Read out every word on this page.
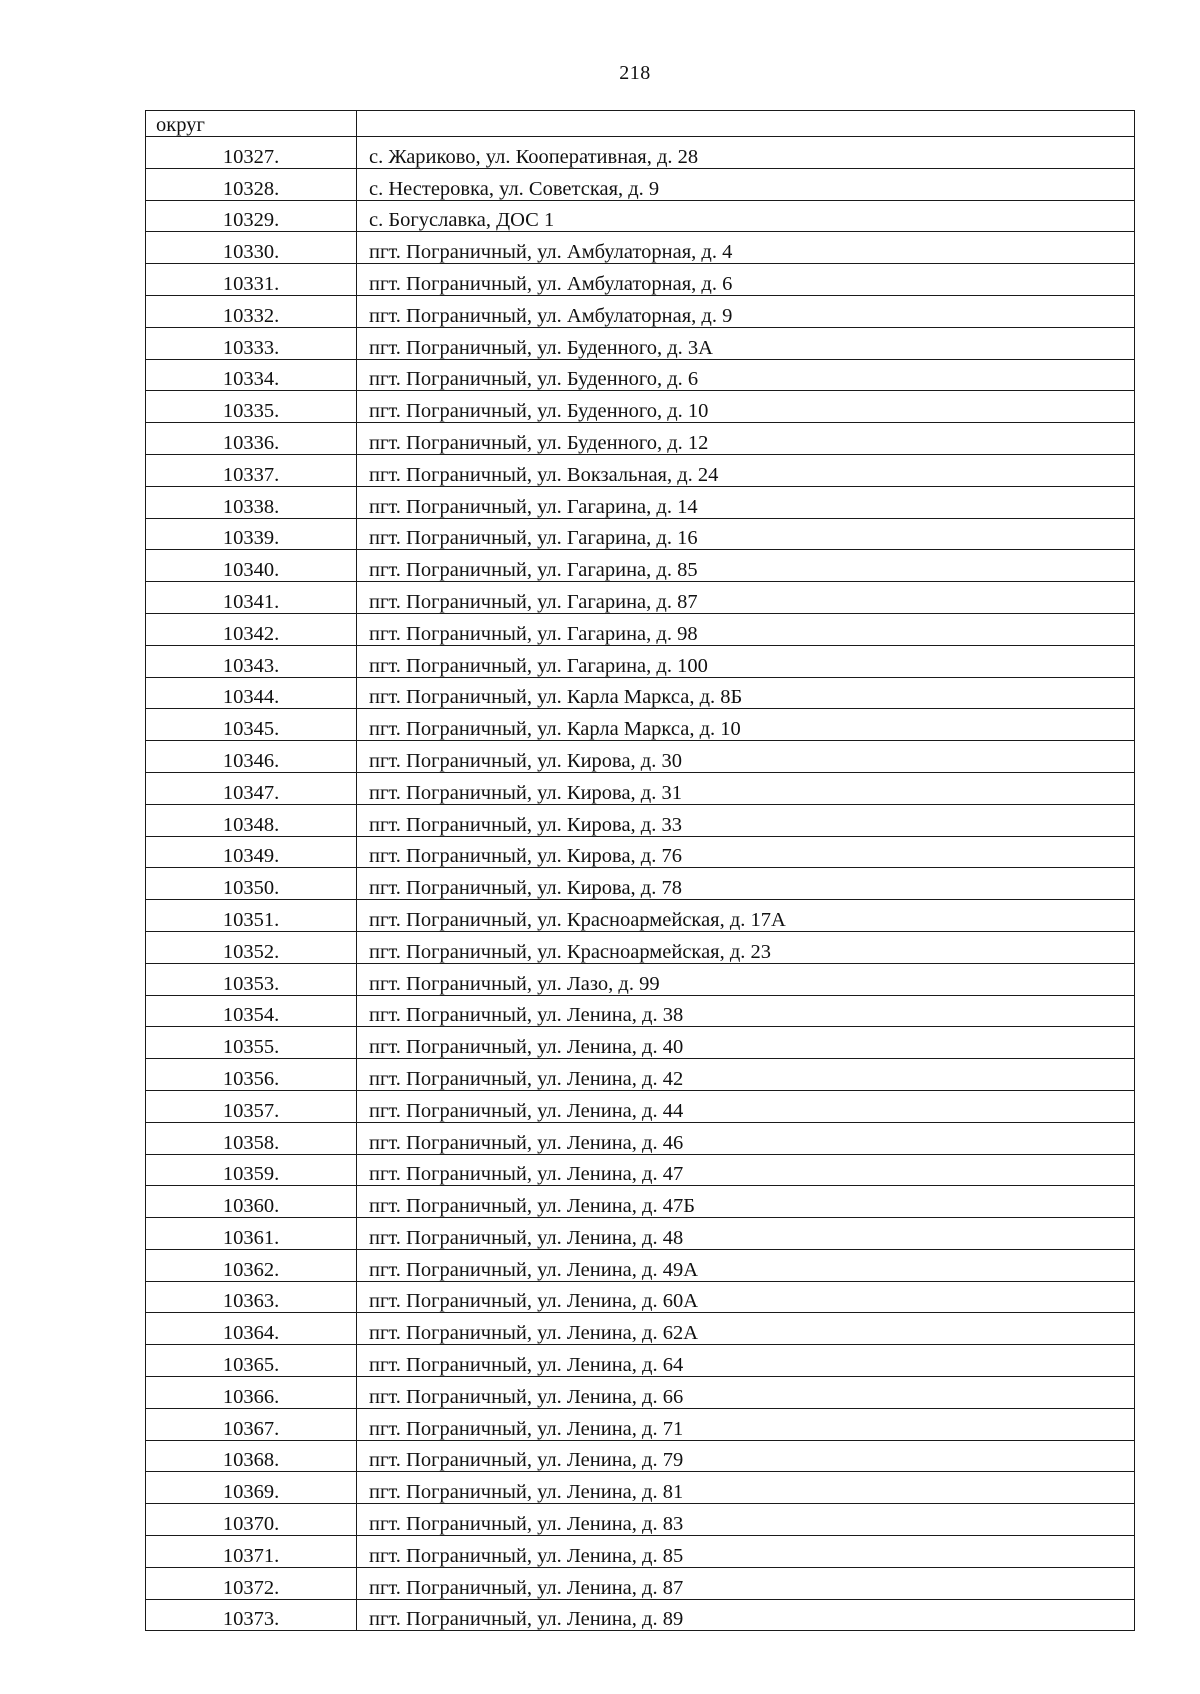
218
округ	
10327.	с. Жариково, ул. Кооперативная, д. 28
10328.	с. Нестеровка, ул. Советская, д. 9
10329.	с. Богуславка, ДОС 1
10330.	пгт. Пограничный, ул. Амбулаторная, д. 4
10331.	пгт. Пограничный, ул. Амбулаторная, д. 6
10332.	пгт. Пограничный, ул. Амбулаторная, д. 9
10333.	пгт. Пограничный, ул. Буденного, д. 3А
10334.	пгт. Пограничный, ул. Буденного, д. 6
10335.	пгт. Пограничный, ул. Буденного, д. 10
10336.	пгт. Пограничный, ул. Буденного, д. 12
10337.	пгт. Пограничный, ул. Вокзальная, д. 24
10338.	пгт. Пограничный, ул. Гагарина, д. 14
10339.	пгт. Пограничный, ул. Гагарина, д. 16
10340.	пгт. Пограничный, ул. Гагарина, д. 85
10341.	пгт. Пограничный, ул. Гагарина, д. 87
10342.	пгт. Пограничный, ул. Гагарина, д. 98
10343.	пгт. Пограничный, ул. Гагарина, д. 100
10344.	пгт. Пограничный, ул. Карла Маркса, д. 8Б
10345.	пгт. Пограничный, ул. Карла Маркса, д. 10
10346.	пгт. Пограничный, ул. Кирова, д. 30
10347.	пгт. Пограничный, ул. Кирова, д. 31
10348.	пгт. Пограничный, ул. Кирова, д. 33
10349.	пгт. Пограничный, ул. Кирова, д. 76
10350.	пгт. Пограничный, ул. Кирова, д. 78
10351.	пгт. Пограничный, ул. Красноармейская, д. 17А
10352.	пгт. Пограничный, ул. Красноармейская, д. 23
10353.	пгт. Пограничный, ул. Лазо, д. 99
10354.	пгт. Пограничный, ул. Ленина, д. 38
10355.	пгт. Пограничный, ул. Ленина, д. 40
10356.	пгт. Пограничный, ул. Ленина, д. 42
10357.	пгт. Пограничный, ул. Ленина, д. 44
10358.	пгт. Пограничный, ул. Ленина, д. 46
10359.	пгт. Пограничный, ул. Ленина, д. 47
10360.	пгт. Пограничный, ул. Ленина, д. 47Б
10361.	пгт. Пограничный, ул. Ленина, д. 48
10362.	пгт. Пограничный, ул. Ленина, д. 49А
10363.	пгт. Пограничный, ул. Ленина, д. 60А
10364.	пгт. Пограничный, ул. Ленина, д. 62А
10365.	пгт. Пограничный, ул. Ленина, д. 64
10366.	пгт. Пограничный, ул. Ленина, д. 66
10367.	пгт. Пограничный, ул. Ленина, д. 71
10368.	пгт. Пограничный, ул. Ленина, д. 79
10369.	пгт. Пограничный, ул. Ленина, д. 81
10370.	пгт. Пограничный, ул. Ленина, д. 83
10371.	пгт. Пограничный, ул. Ленина, д. 85
10372.	пгт. Пограничный, ул. Ленина, д. 87
10373.	пгт. Пограничный, ул. Ленина, д. 89
